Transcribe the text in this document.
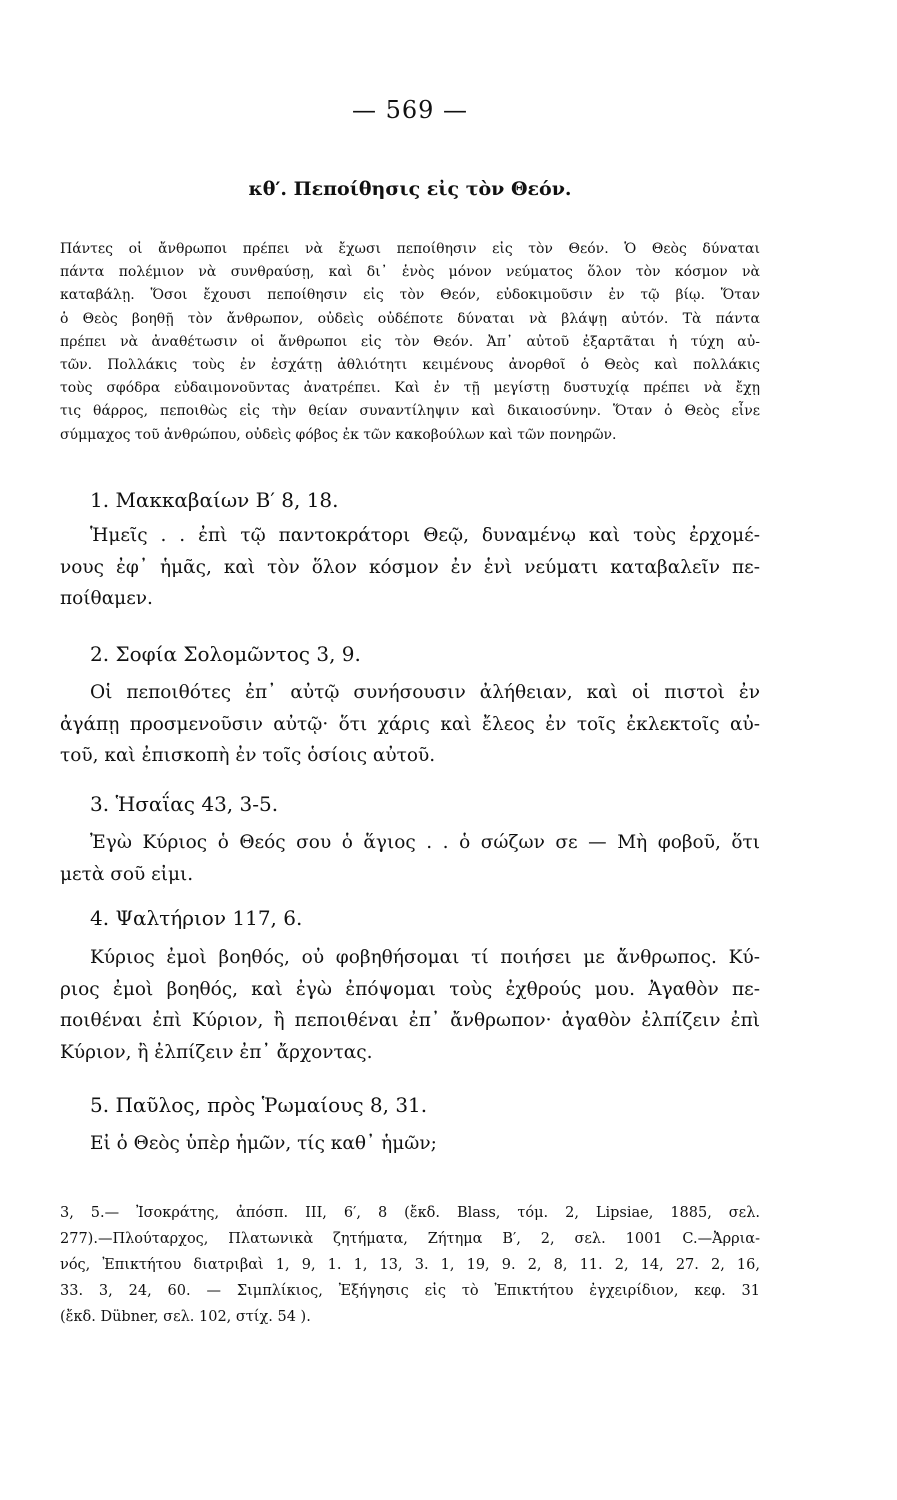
— 569 —
κθ′. Πεποίθησις εἰς τὸν Θεόν.
Πάντες οἱ ἄνθρωποι πρέπει νὰ ἔχωσι πεποίθησιν εἰς τὸν Θεόν. Ὁ Θεὸς δύναται
πάντα πολέμιον νὰ συνθραύσῃ, καὶ δι᾽ ἑνὸς μόνον νεύματος ὅλον τὸν κόσμον νὰ
καταβάλῃ. Ὅσοι ἔχουσι πεποίθησιν εἰς τὸν Θεόν, εὐδοκιμοῦσιν ἐν τῷ βίῳ. Ὅταν
ὁ Θεὸς βοηθῇ τὸν ἄνθρωπον, οὐδεὶς οὐδέποτε δύναται νὰ βλάψῃ αὐτόν. Τὰ πάντα
πρέπει νὰ ἀναθέτωσιν οἱ ἄνθρωποι εἰς τὸν Θεόν. Ἀπ᾽ αὐτοῦ ἐξαρτᾶται ἡ τύχη αὐ-
τῶν. Πολλάκις τοὺς ἐν ἐσχάτῃ ἀθλιότητι κειμένους ἀνορθοῖ ὁ Θεὸς καὶ πολλάκις
τοὺς σφόδρα εὐδαιμονοῦντας ἀνατρέπει. Καὶ ἐν τῇ μεγίστῃ δυστυχίᾳ πρέπει νὰ ἔχῃ
τις θάρρος, πεποιθὼς εἰς τὴν θείαν συναντίληψιν καὶ δικαιοσύνην. Ὅταν ὁ Θεὸς εἶνε
σύμμαχος τοῦ ἀνθρώπου, οὐδεὶς φόβος ἐκ τῶν κακοβούλων καὶ τῶν πονηρῶν.
1. Μακκαβαίων Β′ 8, 18.
Ἡμεῖς . . ἐπὶ τῷ παντοκράτορι Θεῷ, δυναμένῳ καὶ τοὺς ἐρχομέ-
νους ἐφ᾽ ἡμᾶς, καὶ τὸν ὅλον κόσμον ἐν ἑνὶ νεύματι καταβαλεῖν πε-
ποίθαμεν.
2. Σοφία Σολομῶντος 3, 9.
Οἱ πεποιθότες ἐπ᾽ αὐτῷ συνήσουσιν ἀλήθειαν, καὶ οἱ πιστοὶ ἐν
ἀγάπῃ προσμενοῦσιν αὐτῷ· ὅτι χάρις καὶ ἔλεος ἐν τοῖς ἐκλεκτοῖς αὐ-
τοῦ, καὶ ἐπισκοπὴ ἐν τοῖς ὁσίοις αὐτοῦ.
3. Ἡσαΐας 43, 3-5.
Ἐγὼ Κύριος ὁ Θεός σου ὁ ἅγιος . . ὁ σώζων σε — Μὴ φοβοῦ, ὅτι
μετὰ σοῦ εἰμι.
4. Ψαλτήριον 117, 6.
Κύριος ἐμοὶ βοηθός, οὐ φοβηθήσομαι τί ποιήσει με ἄνθρωπος. Κύ-
ριος ἐμοὶ βοηθός, καὶ ἐγὼ ἐπόψομαι τοὺς ἐχθρούς μου. Ἀγαθὸν πε-
ποιθέναι ἐπὶ Κύριον, ἢ πεποιθέναι ἐπ᾽ ἄνθρωπον· ἀγαθὸν ἐλπίζειν ἐπὶ
Κύριον, ἢ ἐλπίζειν ἐπ᾽ ἄρχοντας.
5. Παῦλος, πρὸς Ῥωμαίους 8, 31.
Εἰ ὁ Θεὸς ὑπὲρ ἡμῶν, τίς καθ᾽ ἡμῶν;
3, 5.— Ἰσοκράτης, ἀπόσπ. III, 6′, 8 (ἔκδ. Blass, τόμ. 2, Lipsiae, 1885, σελ.
277).—Πλούταρχος, Πλατωνικὰ ζητήματα, Ζήτημα Β′, 2, σελ. 1001 C.—Ἀρρια-
νός, Ἐπικτήτου διατριβαὶ 1, 9, 1. 1, 13, 3. 1, 19, 9. 2, 8, 11. 2, 14, 27. 2, 16,
33. 3, 24, 60. — Σιμπλίκιος, Ἐξήγησις εἰς τὸ Ἐπικτήτου ἐγχειρίδιον, κεφ. 31
(ἔκδ. Dübner, σελ. 102, στίχ. 54 ).
